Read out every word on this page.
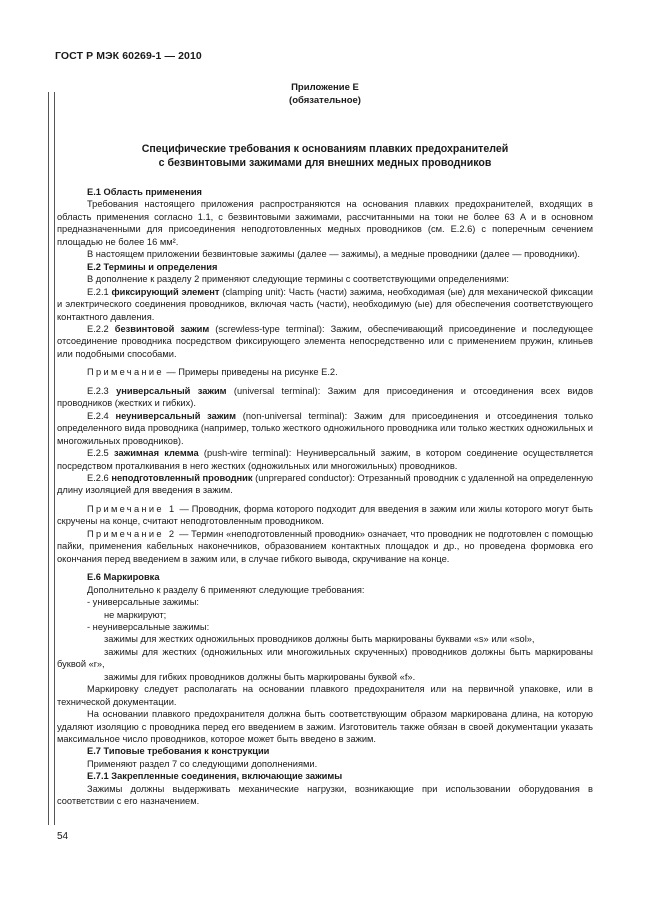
ГОСТ Р МЭК 60269-1 — 2010

Приложение Е

(обязательное)

Специфические требования к основаниям плавких предохранителей
с безвинтовыми зажимами для внешних медных проводников

Е.1 Область применения

Требования настоящего приложения распространяются на основания плавких предохранителей, входящих в область применения согласно 1.1, с безвинтовыми зажимами, рассчитанными на токи не более 63 А и в основном предназначенными для присоединения неподготовленных медных проводников (см. Е.2.6) с поперечным сечением площадью не более 16 мм².

В настоящем приложении безвинтовые зажимы (далее — зажимы), а медные проводники (далее — проводники).

Е.2 Термины и определения

В дополнение к разделу 2 применяют следующие термины с соответствующими определениями:

Е.2.1 фиксирующий элемент (clamping unit): Часть (части) зажима, необходимая (ые) для механической фиксации и электрического соединения проводников, включая часть (части), необходимую (ые) для обеспечения соответствующего контактного давления.

Е.2.2 безвинтовой зажим (screwless-type terminal): Зажим, обеспечивающий присоединение и последующее отсоединение проводника посредством фиксирующего элемента непосредственно или с применением пружин, клиньев или подобными способами.

Примечание — Примеры приведены на рисунке Е.2.

Е.2.3 универсальный зажим (universal terminal): Зажим для присоединения и отсоединения всех видов проводников (жестких и гибких).

Е.2.4 неуниверсальный зажим (non-universal terminal): Зажим для присоединения и отсоединения только определенного вида проводника (например, только жесткого одножильного проводника или только жестких одножильных и многожильных проводников).

Е.2.5 зажимная клемма (push-wire terminal): Неуниверсальный зажим, в котором соединение осуществляется посредством проталкивания в него жестких (одножильных или многожильных) проводников.

Е.2.6 неподготовленный проводник (unprepared conductor): Отрезанный проводник с удаленной на определенную длину изоляцией для введения в зажим.

Примечание 1 — Проводник, форма которого подходит для введения в зажим или жилы которого могут быть скручены на конце, считают неподготовленным проводником.

Примечание 2 — Термин «неподготовленный проводник» означает, что проводник не подготовлен с помощью пайки, применения кабельных наконечников, образованием контактных площадок и др., но проведена формовка его окончания перед введением в зажим или, в случае гибкого вывода, скручивание на конце.

Е.6 Маркировка

Дополнительно к разделу 6 применяют следующие требования:

- универсальные зажимы:

не маркируют;

- неуниверсальные зажимы:

зажимы для жестких одножильных проводников должны быть маркированы буквами «s» или «sol»,

зажимы для жестких (одножильных или многожильных скрученных) проводников должны быть маркированы буквой «r»,

зажимы для гибких проводников должны быть маркированы буквой «f».

Маркировку следует располагать на основании плавкого предохранителя или на первичной упаковке, или в технической документации.

На основании плавкого предохранителя должна быть соответствующим образом маркирована длина, на которую удаляют изоляцию с проводника перед его введением в зажим. Изготовитель также обязан в своей документации указать максимальное число проводников, которое может быть введено в зажим.

Е.7 Типовые требования к конструкции

Применяют раздел 7 со следующими дополнениями.

Е.7.1 Закрепленные соединения, включающие зажимы

Зажимы должны выдерживать механические нагрузки, возникающие при использовании оборудования в соответствии с его назначением.

54
